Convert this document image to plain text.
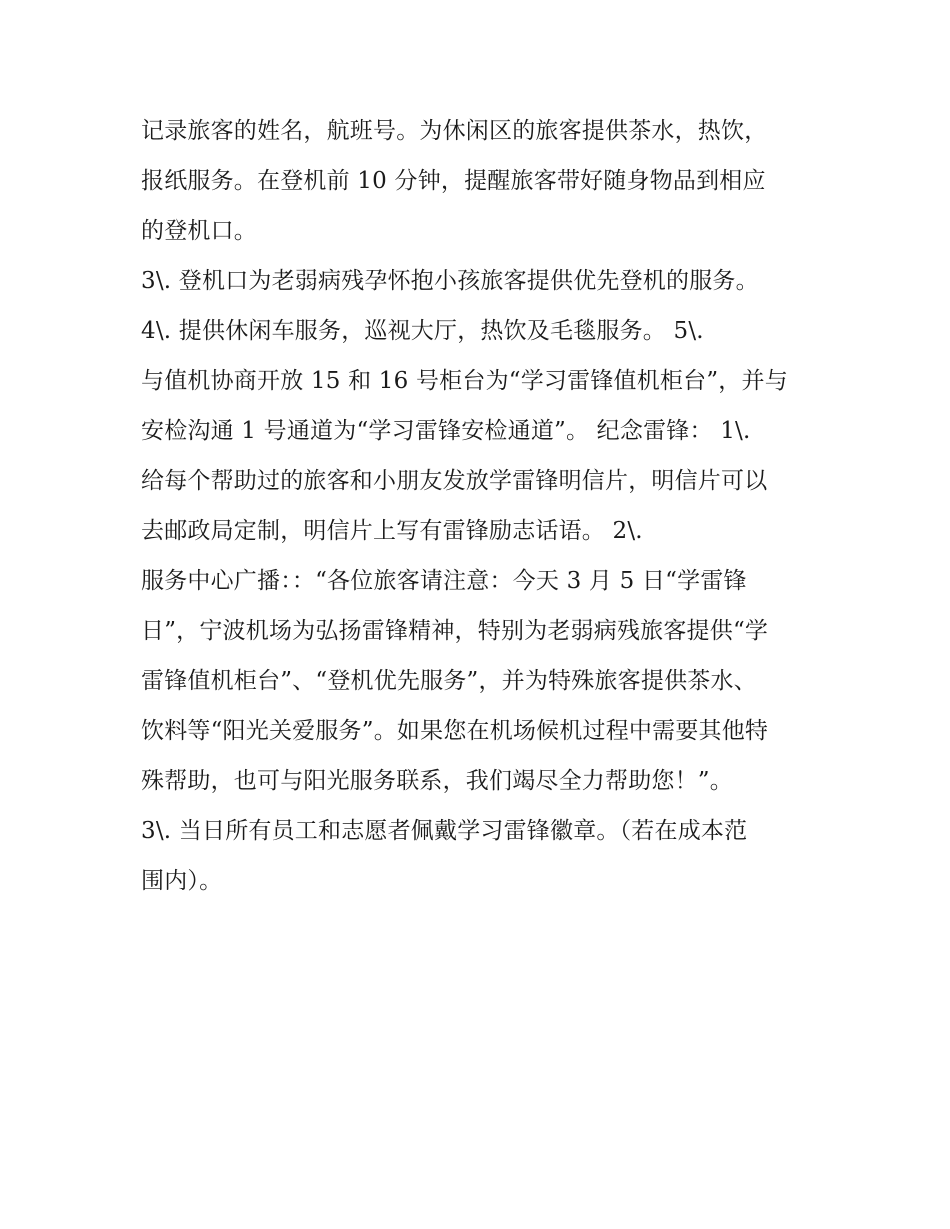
记录旅客的姓名，航班号。为休闲区的旅客提供茶水，热饮，
报纸服务。在登机前 10 分钟，提醒旅客带好随身物品到相应
的登机口。
3\. 登机口为老弱病残孕怀抱小孩旅客提供优先登机的服务。
4\. 提供休闲车服务，巡视大厅，热饮及毛毯服务。 5\.
与值机协商开放 15 和 16 号柜台为“学习雷锋值机柜台”，并与
安检沟通 1 号通道为“学习雷锋安检通道”。 纪念雷锋： 1\.
给每个帮助过的旅客和小朋友发放学雷锋明信片，明信片可以
去邮政局定制，明信片上写有雷锋励志话语。 2\.
服务中心广播：：“各位旅客请注意：今天 3 月 5 日“学雷锋
日”，宁波机场为弘扬雷锋精神，特别为老弱病残旅客提供“学
雷锋值机柜台”、“登机优先服务”，并为特殊旅客提供茶水、
饮料等“阳光关爱服务”。如果您在机场候机过程中需要其他特
殊帮助，也可与阳光服务联系，我们竭尽全力帮助您！”。
3\. 当日所有员工和志愿者佩戴学习雷锋徽章。（若在成本范
围内）。
